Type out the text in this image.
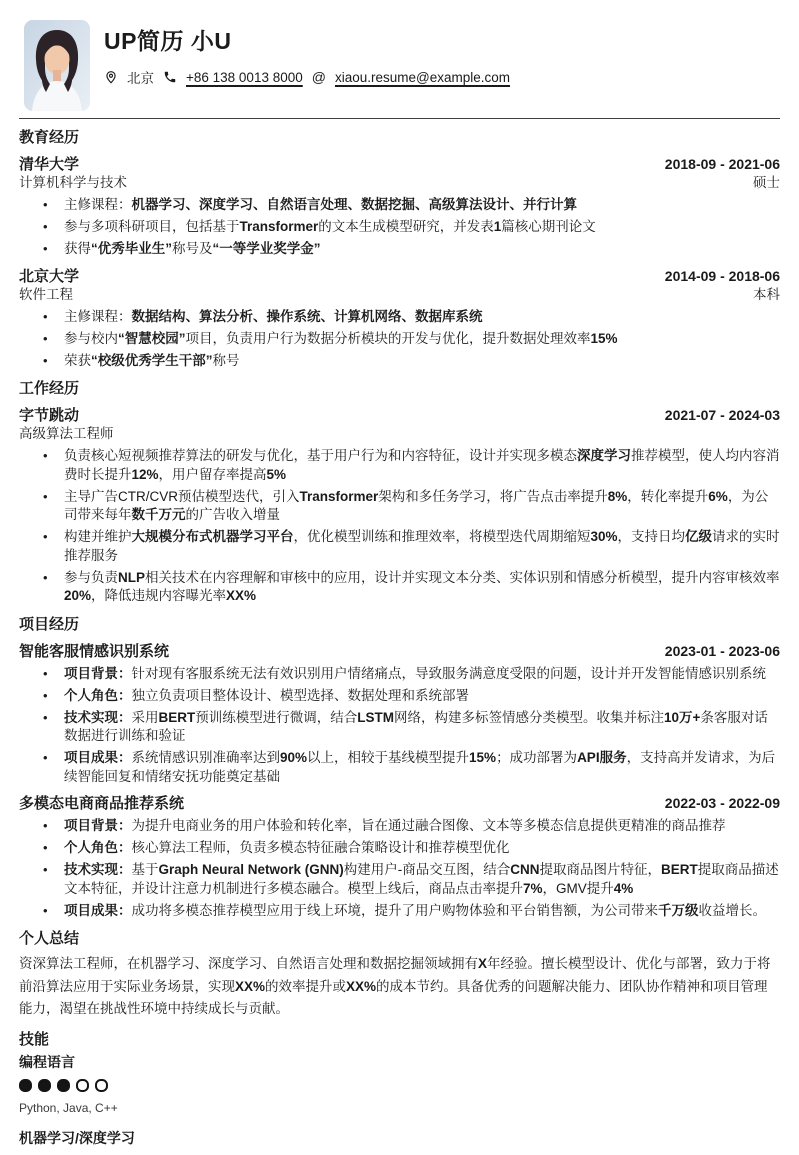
UP简历 小U
北京 +86 138 0013 8000 @ xiaou.resume@example.com
教育经历
清华大学	2018-09 - 2021-06
计算机科学与技术	硕士
• 主修课程：机器学习、深度学习、自然语言处理、数据挖掘、高级算法设计、并行计算
• 参与多项科研项目，包括基于Transformer的文本生成模型研究，并发表1篇核心期刊论文
• 获得“优秀毕业生”称号及“一等学业奖学金”
北京大学	2014-09 - 2018-06
软件工程	本科
• 主修课程：数据结构、算法分析、操作系统、计算机网络、数据库系统
• 参与校内“智慧校园”项目，负责用户行为数据分析模块的开发与优化，提升数据处理效率15%
• 荣获“校级优秀学生干部”称号
工作经历
字节跳动	2021-07 - 2024-03
高级算法工程师
• 负责核心短视频推荐算法的研发与优化，基于用户行为和内容特征，设计并实现多模态深度学习推荐模型，使人均内容消费时长提升12%，用户留存率提高5%
• 主导广告CTR/CVR预估模型迭代，引入Transformer架构和多任务学习，将广告点击率提升8%，转化率提升6%，为公司带来每年数千万元的广告收入增量
• 构建并维护大规模分布式机器学习平台，优化模型训练和推理效率，将模型迭代周期缩短30%，支持日均亿级请求的实时推荐服务
• 参与负责NLP相关技术在内容理解和审核中的应用，设计并实现文本分类、实体识别和情感分析模型，提升内容审核效率20%，降低违规内容曝光率XX%
项目经历
智能客服情感识别系统	2023-01 - 2023-06
• 项目背景：针对现有客服系统无法有效识别用户情绪痛点，导致服务满意度受限的问题，设计并开发智能情感识别系统
• 个人角色：独立负责项目整体设计、模型选择、数据处理和系统部署
• 技术实现：采用BERT预训练模型进行微调，结合LSTM网络，构建多标签情感分类模型。收集并标注10万+条客服对话数据进行训练和验证
• 项目成果：系统情感识别准确率达到90%以上，相较于基线模型提升15%；成功部署为API服务，支持高并发请求，为后续智能回复和情绪安抚功能奠定基础
多模态电商商品推荐系统	2022-03 - 2022-09
• 项目背景：为提升电商业务的用户体验和转化率，旨在通过融合图像、文本等多模态信息提供更精准的商品推荐
• 个人角色：核心算法工程师，负责多模态特征融合策略设计和推荐模型优化
• 技术实现：基于Graph Neural Network (GNN)构建用户-商品交互图，结合CNN提取商品图片特征，BERT提取商品描述文本特征，并设计注意力机制进行多模态融合。模型上线后，商品点击率提升7%，GMV提升4%
• 项目成果：成功将多模态推荐模型应用于线上环境，提升了用户购物体验和平台销售额，为公司带来千万级收益增长。
个人总结
资深算法工程师，在机器学习、深度学习、自然语言处理和数据挖掘领域拥有X年经验。擅长模型设计、优化与部署，致力于将前沿算法应用于实际业务场景，实现XX%的效率提升或XX%的成本节约。具备优秀的问题解决能力、团队协作精神和项目管理能力，渴望在挑战性环境中持续成长与贡献。
技能
编程语言
Python, Java, C++
机器学习/深度学习
